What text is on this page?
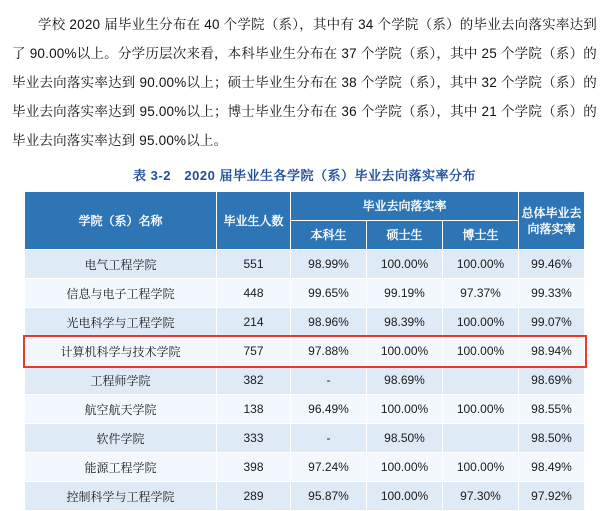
学校 2020 届毕业生分布在 40 个学院（系），其中有 34 个学院（系）的毕业去向落实率达到了 90.00%以上。分学历层次来看，本科毕业生分布在 37 个学院（系），其中 25 个学院（系）的毕业去向落实率达到 90.00%以上；硕士毕业生分布在 38 个学院（系），其中 32 个学院（系）的毕业去向落实率达到 95.00%以上；博士毕业生分布在 36 个学院（系），其中 21 个学院（系）的毕业去向落实率达到 95.00%以上。

表 3-2　2020 届毕业生各学院（系）毕业去向落实率分布
学院（系）名称	毕业生人数	毕业去向落实率			总体毕业去向落实率
		本科生	硕士生	博士生	
电气工程学院	551	98.99%	100.00%	100.00%	99.46%
信息与电子工程学院	448	99.65%	99.19%	97.37%	99.33%
光电科学与工程学院	214	98.96%	98.39%	100.00%	99.07%
计算机科学与技术学院	757	97.88%	100.00%	100.00%	98.94%
工程师学院	382	-	98.69%		98.69%
航空航天学院	138	96.49%	100.00%	100.00%	98.55%
软件学院	333	-	98.50%		98.50%
能源工程学院	398	97.24%	100.00%	100.00%	98.49%
控制科学与工程学院	289	95.87%	100.00%	97.30%	97.92%
